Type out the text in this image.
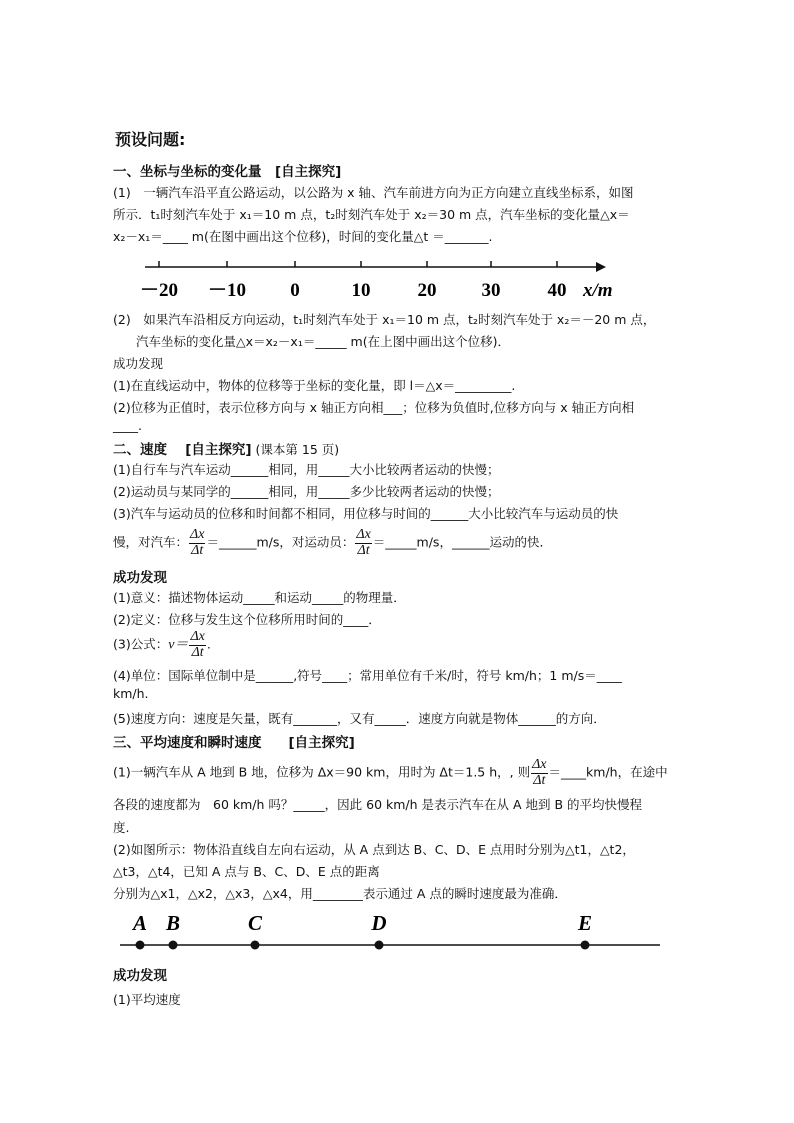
预设问题:
一、坐标与坐标的变化量　[自主探究]
(1)　一辆汽车沿平直公路运动，以公路为 x 轴、汽车前进方向为正方向建立直线坐标系，如图
所示．t₁时刻汽车处于 x₁＝10 m 点，t₂时刻汽车处于 x₂＝30 m 点，汽车坐标的变化量△x＝
x₂－x₁＝____ m(在图中画出这个位移)，时间的变化量△t ＝_______.
－20 －10 0	10 20 30 40 x/m
(2)　如果汽车沿相反方向运动，t₁时刻汽车处于 x₁＝10 m 点，t₂时刻汽车处于 x₂＝－20 m 点，
汽车坐标的变化量△x＝x₂－x₁＝_____ m(在上图中画出这个位移)．
成功发现
(1)在直线运动中，物体的位移等于坐标的变化量，即 l＝△x＝_________.
(2)位移为正值时，表示位移方向与 x 轴正方向相___；位移为负值时,位移方向与 x 轴正方向相
____.
二、速度　 [自主探究] (课本第 15 页)
(1)自行车与汽车运动______相同，用_____大小比较两者运动的快慢；
(2)运动员与某同学的______相同，用_____多少比较两者运动的快慢；
(3)汽车与运动员的位移和时间都不相同，用位移与时间的______大小比较汽车与运动员的快
慢，对汽车： $\frac{\Delta x}{\Delta t}$ ＝______m/s，对运动员： $\frac{\Delta x}{\Delta t}$ ＝_____m/s，______运动的快．
成功发现
(1)意义：描述物体运动_____和运动_____的物理量．
(2)定义：位移与发生这个位移所用时间的____．
(3)公式：$v= \frac{\Delta x}{\Delta t}$ .
(4)单位：国际单位制中是______,符号____；常用单位有千米/时，符号 km/h；1 m/s＝____
km/h.
(5)速度方向：速度是矢量，既有_______，又有_____．速度方向就是物体______的方向．
三、平均速度和瞬时速度　　[自主探究]
(1)一辆汽车从 A 地到 B 地，位移为 Δx＝90 km，用时为 Δt＝1.5 h，, 则 $\frac{\Delta x}{\Delta t}$ ＝____km/h，在途中
各段的速度都为　60 km/h 吗？_____，因此 60 km/h 是表示汽车在从 A 地到 B 的平均快慢程
度.
(2)如图所示：物体沿直线自左向右运动，从 A 点到达 B、C、D、E 点用时分别为△t1，△t2，
△t3，△t4，已知 A 点与 B、C、D、E 点的距离
分别为△x1，△x2，△x3，△x4，用________表示通过 A 点的瞬时速度最为准确．
A B	C	D	E
成功发现
(1)平均速度
